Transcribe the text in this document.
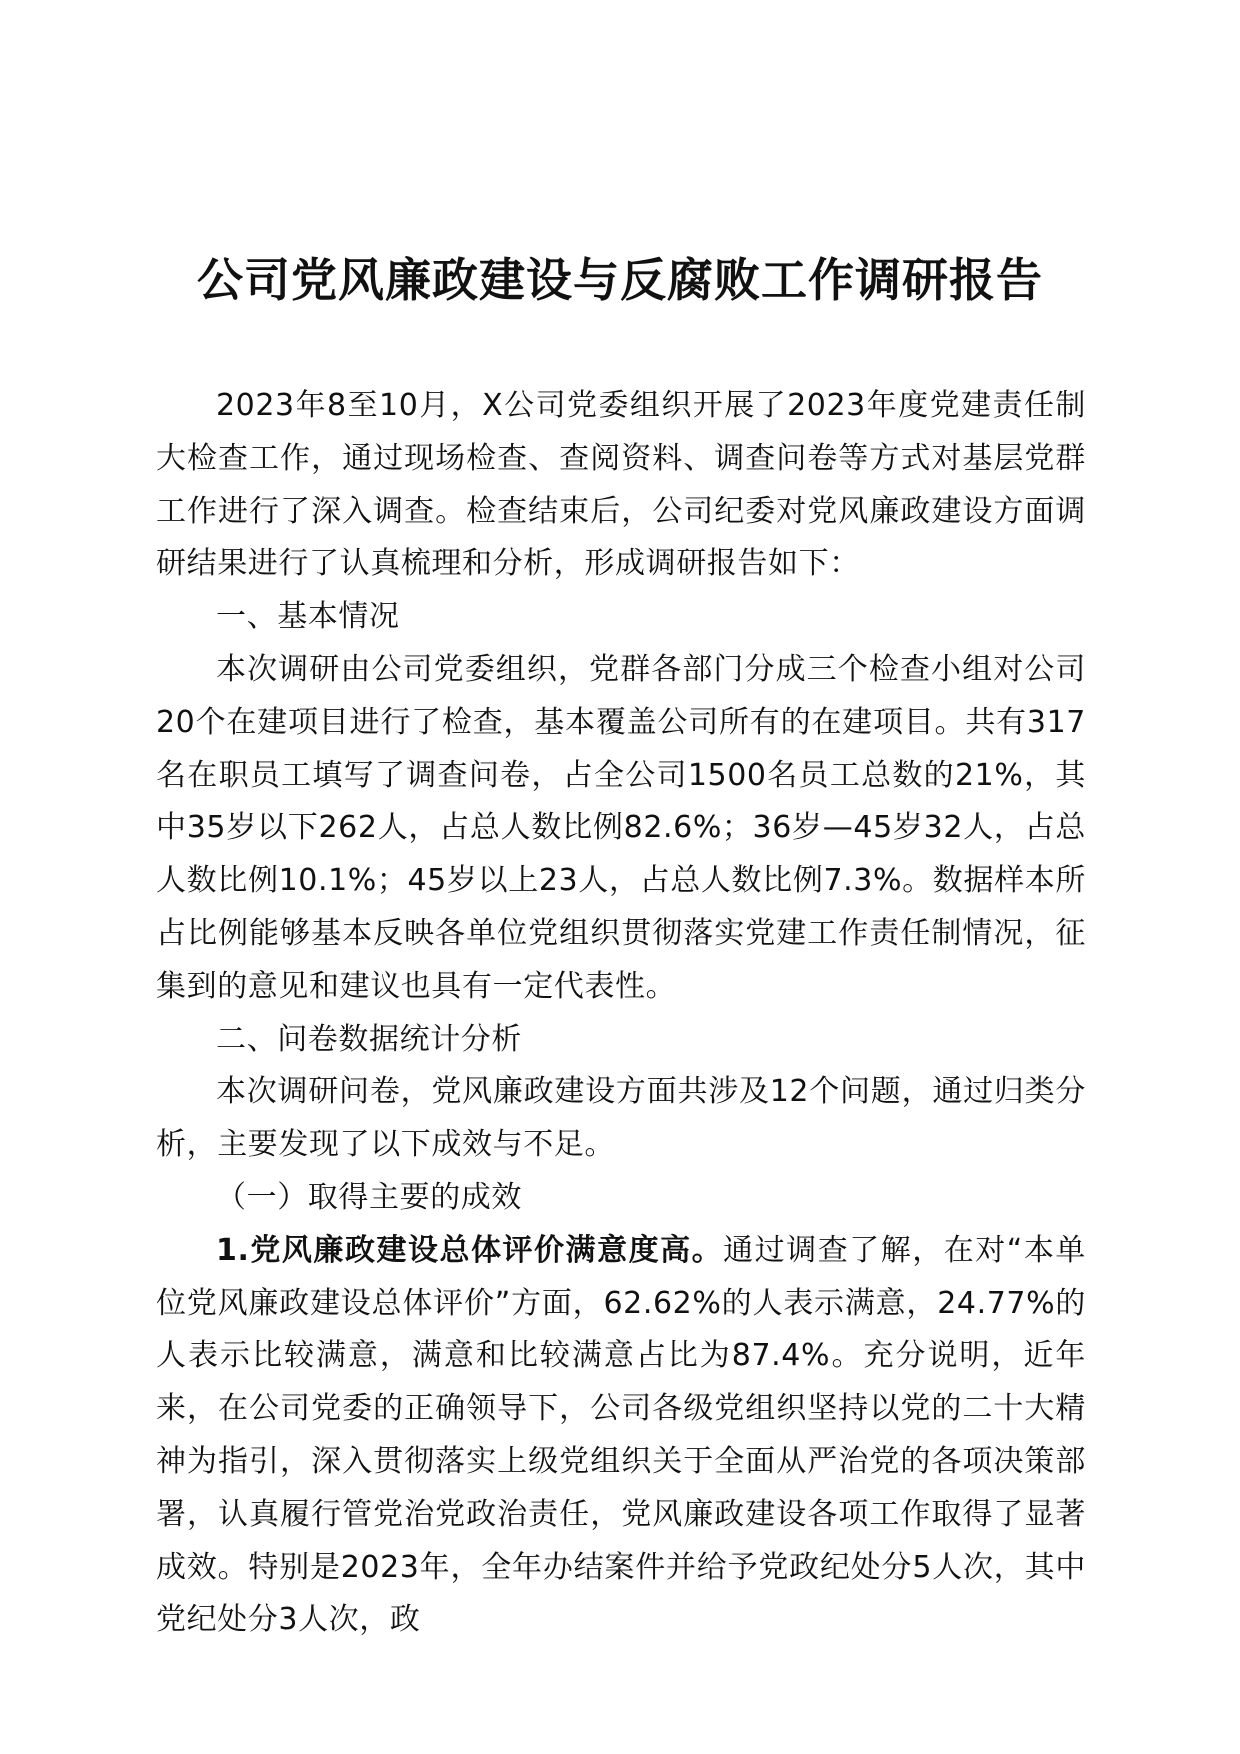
公司党风廉政建设与反腐败工作调研报告

2023年8至10月，X公司党委组织开展了2023年度党建责任制大检查工作，通过现场检查、查阅资料、调查问卷等方式对基层党群工作进行了深入调查。检查结束后，公司纪委对党风廉政建设方面调研结果进行了认真梳理和分析，形成调研报告如下：

一、基本情况

本次调研由公司党委组织，党群各部门分成三个检查小组对公司20个在建项目进行了检查，基本覆盖公司所有的在建项目。共有317名在职员工填写了调查问卷，占全公司1500名员工总数的21%，其中35岁以下262人，占总人数比例82.6%；36岁—45岁32人，占总人数比例10.1%；45岁以上23人，占总人数比例7.3%。数据样本所占比例能够基本反映各单位党组织贯彻落实党建工作责任制情况，征集到的意见和建议也具有一定代表性。

二、问卷数据统计分析

本次调研问卷，党风廉政建设方面共涉及12个问题，通过归类分析，主要发现了以下成效与不足。

（一）取得主要的成效

1.党风廉政建设总体评价满意度高。通过调查了解，在对“本单位党风廉政建设总体评价”方面，62.62%的人表示满意，24.77%的人表示比较满意，满意和比较满意占比为87.4%。充分说明，近年来，在公司党委的正确领导下，公司各级党组织坚持以党的二十大精神为指引，深入贯彻落实上级党组织关于全面从严治党的各项决策部署，认真履行管党治党政治责任，党风廉政建设各项工作取得了显著成效。特别是2023年，全年办结案件并给予党政纪处分5人次，其中党纪处分3人次，政
